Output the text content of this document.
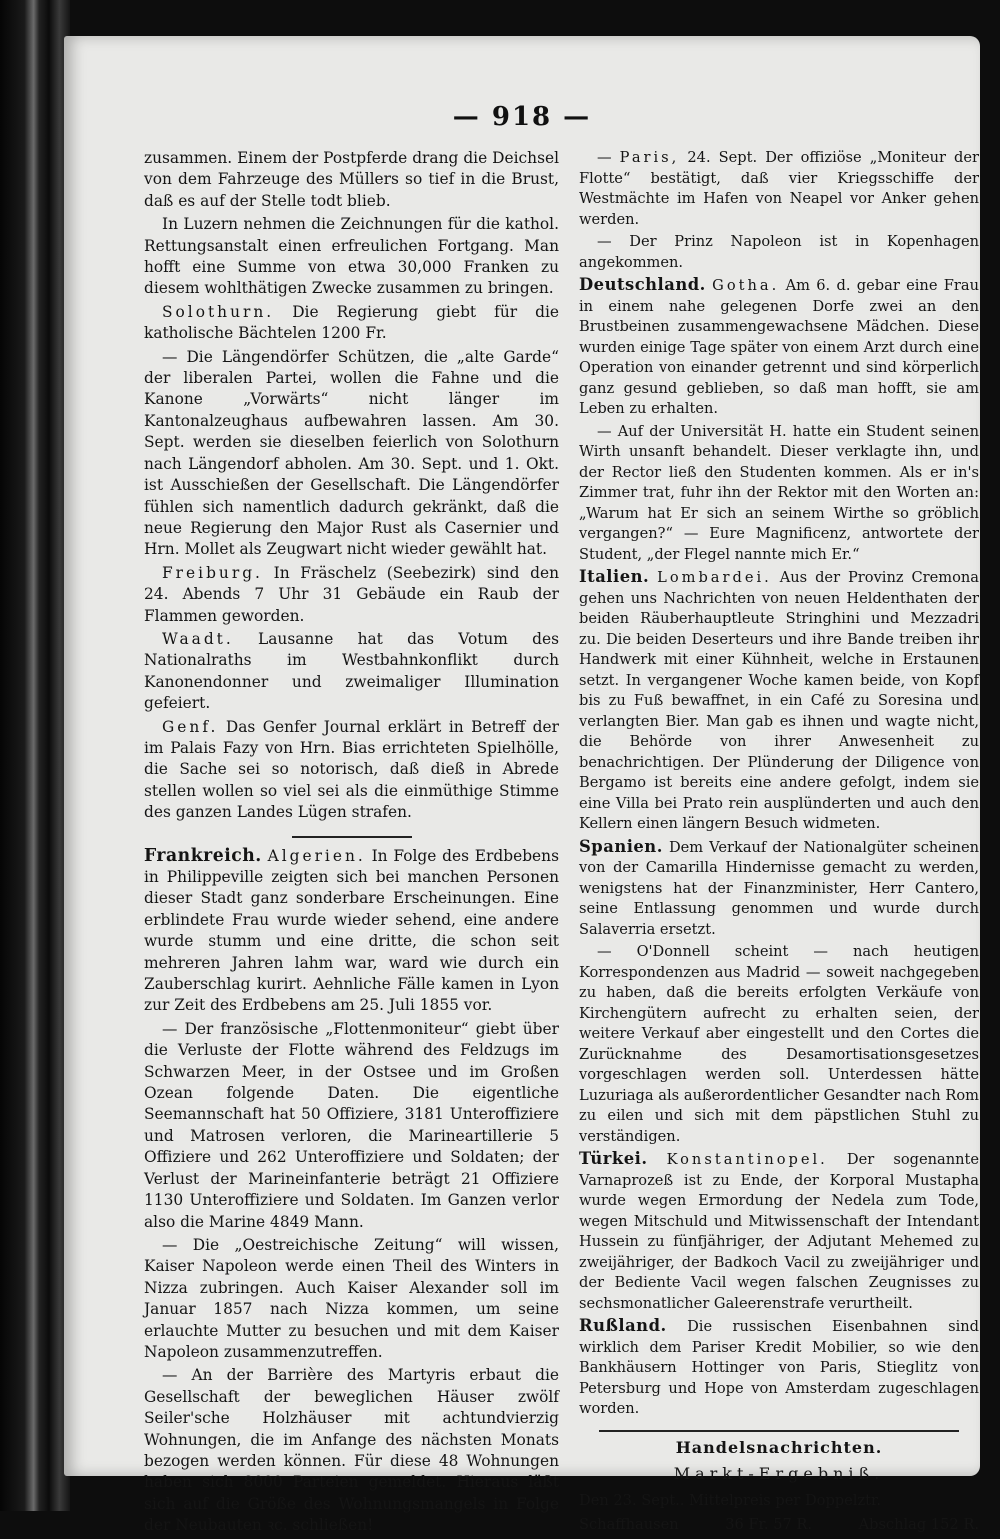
— 918 —

zusammen. Einem der Postpferde drang die Deichsel von dem Fahrzeuge des Müllers so tief in die Brust, daß es auf der Stelle todt blieb.

In Luzern nehmen die Zeichnungen für die kathol. Rettungsanstalt einen erfreulichen Fortgang. Man hofft eine Summe von etwa 30,000 Franken zu diesem wohlthätigen Zwecke zusammen zu bringen.

Solothurn. Die Regierung giebt für die katholische Bächtelen 1200 Fr.

— Die Längendörfer Schützen, die „alte Garde“ der liberalen Partei, wollen die Fahne und die Kanone „Vorwärts“ nicht länger im Kantonalzeughaus aufbewahren lassen. Am 30. Sept. werden sie dieselben feierlich von Solothurn nach Längendorf abholen. Am 30. Sept. und 1. Okt. ist Ausschießen der Gesellschaft. Die Längendörfer fühlen sich namentlich dadurch gekränkt, daß die neue Regierung den Major Rust als Casernier und Hrn. Mollet als Zeugwart nicht wieder gewählt hat.

Freiburg. In Fräschelz (Seebezirk) sind den 24. Abends 7 Uhr 31 Gebäude ein Raub der Flammen geworden.

Waadt. Lausanne hat das Votum des Nationalraths im Westbahnkonflikt durch Kanonendonner und zweimaliger Illumination gefeiert.

Genf. Das Genfer Journal erklärt in Betreff der im Palais Fazy von Hrn. Bias errichteten Spielhölle, die Sache sei so notorisch, daß dieß in Abrede stellen wollen so viel sei als die einmüthige Stimme des ganzen Landes Lügen strafen.

Frankreich. Algerien. In Folge des Erdbebens in Philippeville zeigten sich bei manchen Personen dieser Stadt ganz sonderbare Erscheinungen. Eine erblindete Frau wurde wieder sehend, eine andere wurde stumm und eine dritte, die schon seit mehreren Jahren lahm war, ward wie durch ein Zauberschlag kurirt. Aehnliche Fälle kamen in Lyon zur Zeit des Erdbebens am 25. Juli 1855 vor.

— Der französische „Flottenmoniteur“ giebt über die Verluste der Flotte während des Feldzugs im Schwarzen Meer, in der Ostsee und im Großen Ozean folgende Daten. Die eigentliche Seemannschaft hat 50 Offiziere, 3181 Unteroffiziere und Matrosen verloren, die Marineartillerie 5 Offiziere und 262 Unteroffiziere und Soldaten; der Verlust der Marineinfanterie beträgt 21 Offiziere 1130 Unteroffiziere und Soldaten. Im Ganzen verlor also die Marine 4849 Mann.

— Die „Oestreichische Zeitung“ will wissen, Kaiser Napoleon werde einen Theil des Winters in Nizza zubringen. Auch Kaiser Alexander soll im Januar 1857 nach Nizza kommen, um seine erlauchte Mutter zu besuchen und mit dem Kaiser Napoleon zusammenzutreffen.

— An der Barrière des Martyris erbaut die Gesellschaft der beweglichen Häuser zwölf Seiler'sche Holzhäuser mit achtundvierzig Wohnungen, die im Anfange des nächsten Monats bezogen werden können. Für diese 48 Wohnungen haben sich 8000 Parteien gemeldet. Hieraus läßt sich auf die Größe des Wohnungsmangels in Folge der Neubauten ꝛc. schließen!

— Paris, 24. Sept. Der offiziöse „Moniteur der Flotte“ bestätigt, daß vier Kriegsschiffe der Westmächte im Hafen von Neapel vor Anker gehen werden.

— Der Prinz Napoleon ist in Kopenhagen angekommen.

Deutschland. Gotha. Am 6. d. gebar eine Frau in einem nahe gelegenen Dorfe zwei an den Brustbeinen zusammengewachsene Mädchen. Diese wurden einige Tage später von einem Arzt durch eine Operation von einander getrennt und sind körperlich ganz gesund geblieben, so daß man hofft, sie am Leben zu erhalten.

— Auf der Universität H. hatte ein Student seinen Wirth unsanft behandelt. Dieser verklagte ihn, und der Rector ließ den Studenten kommen. Als er in's Zimmer trat, fuhr ihn der Rektor mit den Worten an: „Warum hat Er sich an seinem Wirthe so gröblich vergangen?“ — Eure Magnificenz, antwortete der Student, „der Flegel nannte mich Er.“

Italien. Lombardei. Aus der Provinz Cremona gehen uns Nachrichten von neuen Heldenthaten der beiden Räuberhauptleute Stringhini und Mezzadri zu. Die beiden Deserteurs und ihre Bande treiben ihr Handwerk mit einer Kühnheit, welche in Erstaunen setzt. In vergangener Woche kamen beide, von Kopf bis zu Fuß bewaffnet, in ein Café zu Soresina und verlangten Bier. Man gab es ihnen und wagte nicht, die Behörde von ihrer Anwesenheit zu benachrichtigen. Der Plünderung der Diligence von Bergamo ist bereits eine andere gefolgt, indem sie eine Villa bei Prato rein ausplünderten und auch den Kellern einen längern Besuch widmeten.

Spanien. Dem Verkauf der Nationalgüter scheinen von der Camarilla Hindernisse gemacht zu werden, wenigstens hat der Finanzminister, Herr Cantero, seine Entlassung genommen und wurde durch Salaverria ersetzt.

— O'Donnell scheint — nach heutigen Korrespondenzen aus Madrid — soweit nachgegeben zu haben, daß die bereits erfolgten Verkäufe von Kirchengütern aufrecht zu erhalten seien, der weitere Verkauf aber eingestellt und den Cortes die Zurücknahme des Desamortisationsgesetzes vorgeschlagen werden soll. Unterdessen hätte Luzuriaga als außerordentlicher Gesandter nach Rom zu eilen und sich mit dem päpstlichen Stuhl zu verständigen.

Türkei. Konstantinopel. Der sogenannte Varnaprozeß ist zu Ende, der Korporal Mustapha wurde wegen Ermordung der Nedela zum Tode, wegen Mitschuld und Mitwissenschaft der Intendant Hussein zu fünfjähriger, der Adjutant Mehemed zu zweijähriger, der Badkoch Vacil zu zweijähriger und der Bediente Vacil wegen falschen Zeugnisses zu sechsmonatlicher Galeerenstrafe verurtheilt.

Rußland. Die russischen Eisenbahnen sind wirklich dem Pariser Kredit Mobilier, so wie den Bankhäusern Hottinger von Paris, Stieglitz von Petersburg und Hope von Amsterdam zugeschlagen worden.

Handelsnachrichten.
Markt-Ergebniß.

Den 23. Sept.. Mittelpreis per Doppelztr.

Schaffhausen	36 Fr. 57 R.	Abschlag 152 R.
